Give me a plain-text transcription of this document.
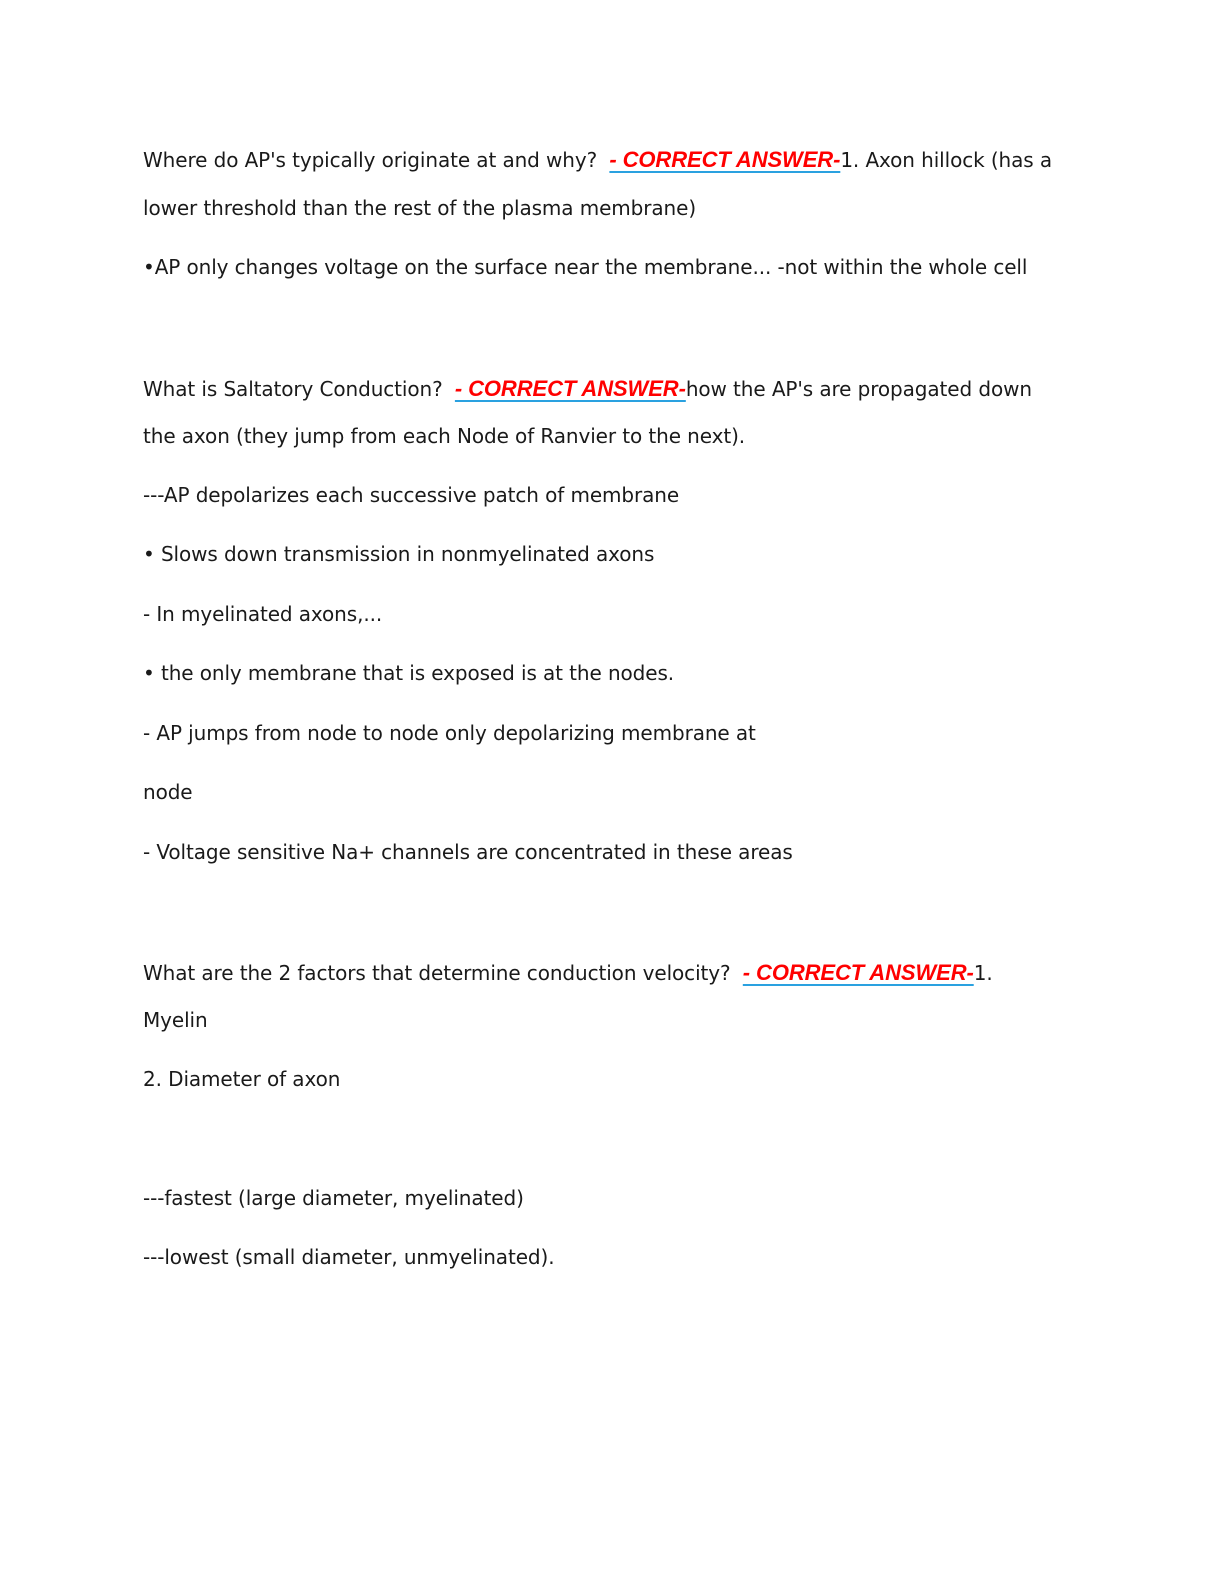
Where do AP's typically originate at and why? - CORRECT ANSWER-1. Axon hillock (has a
lower threshold than the rest of the plasma membrane)
•AP only changes voltage on the surface near the membrane... -not within the whole cell
What is Saltatory Conduction? - CORRECT ANSWER-how the AP's are propagated down
the axon (they jump from each Node of Ranvier to the next).
---AP depolarizes each successive patch of membrane
• Slows down transmission in nonmyelinated axons
- In myelinated axons,...
• the only membrane that is exposed is at the nodes.
- AP jumps from node to node only depolarizing membrane at
node
- Voltage sensitive Na+ channels are concentrated in these areas
What are the 2 factors that determine conduction velocity? - CORRECT ANSWER-1.
Myelin
2. Diameter of axon
---fastest (large diameter, myelinated)
---lowest (small diameter, unmyelinated).
